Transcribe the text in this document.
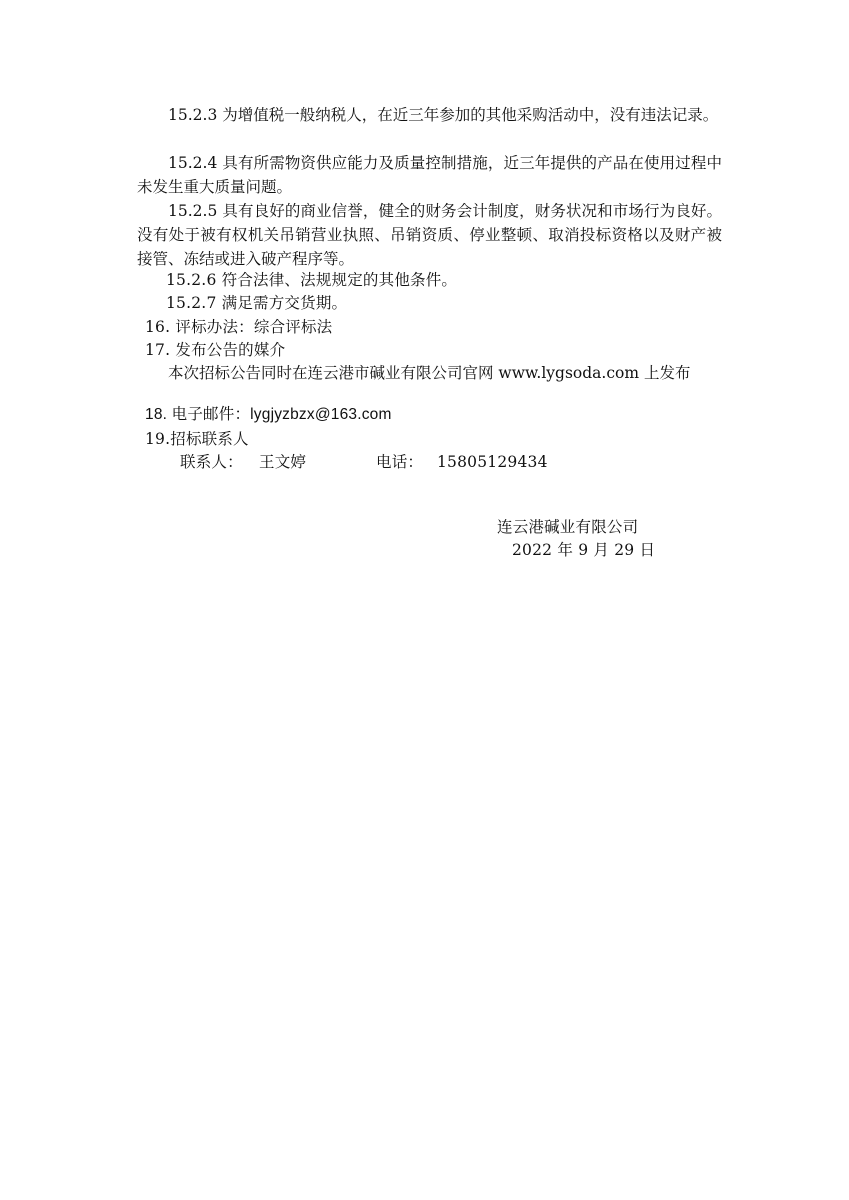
15.2.3 为增值税一般纳税人，在近三年参加的其他采购活动中，没有违法记录。
15.2.4 具有所需物资供应能力及质量控制措施，近三年提供的产品在使用过程中未发生重大质量问题。
15.2.5 具有良好的商业信誉，健全的财务会计制度，财务状况和市场行为良好。没有处于被有权机关吊销营业执照、吊销资质、停业整顿、取消投标资格以及财产被接管、冻结或进入破产程序等。
15.2.6 符合法律、法规规定的其他条件。
15.2.7 满足需方交货期。
16. 评标办法：综合评标法
17. 发布公告的媒介
本次招标公告同时在连云港市碱业有限公司官网 www.lygsoda.com 上发布
18. 电子邮件：lygjyzbzx@163.com
19.招标联系人
联系人： 王文婷	电话： 15805129434
连云港碱业有限公司
2022 年 9 月 29 日
